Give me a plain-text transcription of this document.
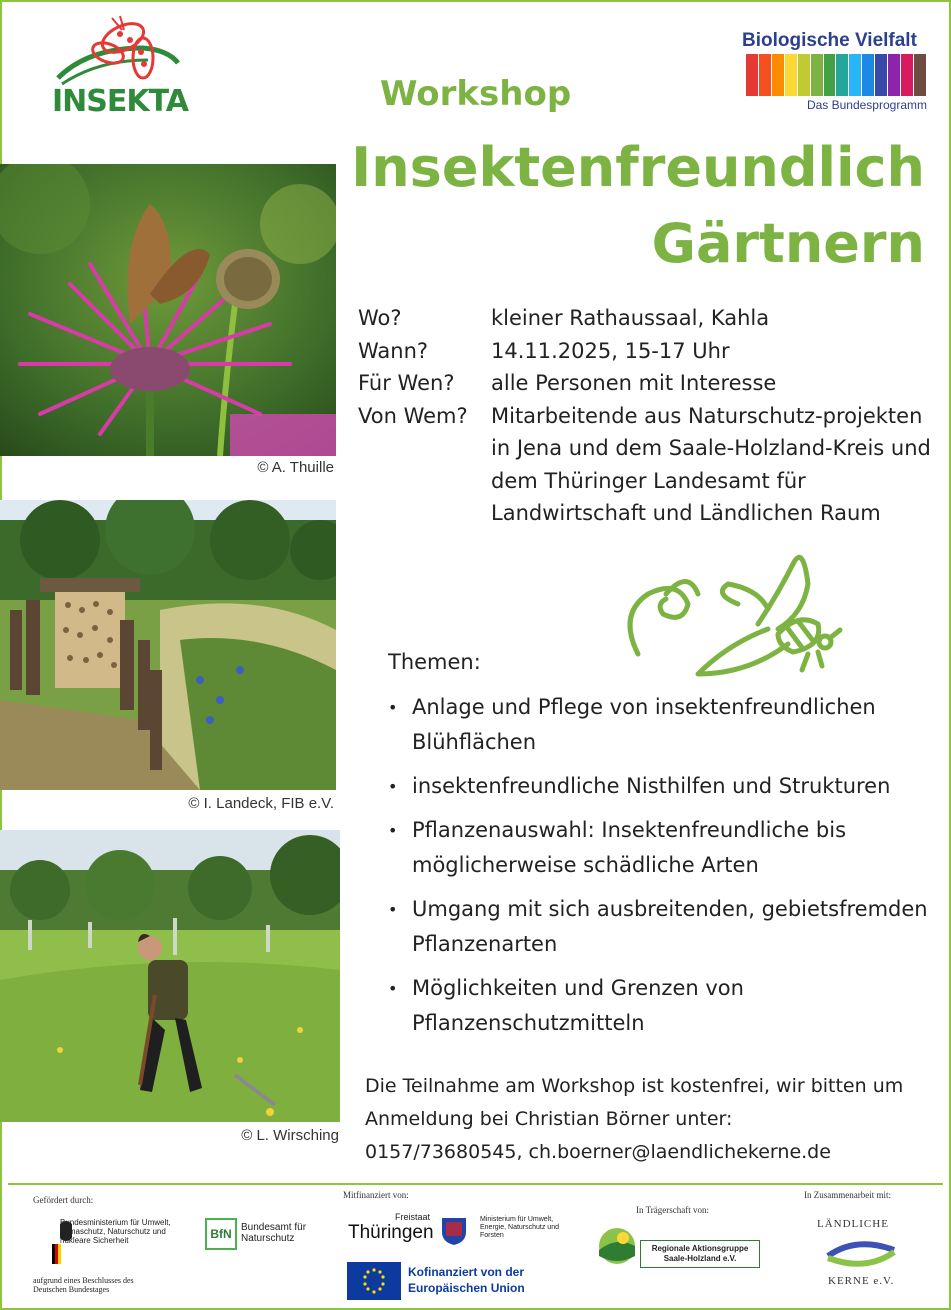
INSEKTA
Biologische Vielfalt
Das Bundesprogramm
Workshop
Insektenfreundlich
Gärtnern
© A. Thuille
© I. Landeck, FIB e.V.
© L. Wirsching
Wo?	kleiner Rathaussaal, Kahla
Wann?	14.11.2025, 15-17 Uhr
Für Wen?	alle Personen mit Interesse
Von Wem?	Mitarbeitende aus Naturschutz-projekten in Jena und dem Saale-Holzland-Kreis und dem Thüringer Landesamt für Landwirtschaft und Ländlichen Raum
Themen:
• Anlage und Pflege von insektenfreundlichen Blühflächen
• insektenfreundliche Nisthilfen und Strukturen
• Pflanzenauswahl: Insektenfreundliche bis möglicherweise schädliche Arten
• Umgang mit sich ausbreitenden, gebietsfremden Pflanzenarten
• Möglichkeiten und Grenzen von Pflanzenschutzmitteln
Die Teilnahme am Workshop ist kostenfrei, wir bitten um
Anmeldung bei Christian Börner unter:
0157/73680545, ch.boerner@laendlichekerne.de
Gefördert durch:
Bundesministerium für Umwelt, Klimaschutz, Naturschutz und nukleare Sicherheit
aufgrund eines Beschlusses des Deutschen Bundestages
BfN Bundesamt für Naturschutz
Mitfinanziert von:
Freistaat
Thüringen
Ministerium für Umwelt, Energie, Naturschutz und Forsten
Kofinanziert von der Europäischen Union
In Trägerschaft von:
Regionale Aktionsgruppe Saale-Holzland e.V.
In Zusammenarbeit mit:
LÄNDLICHE
KERNE e.V.
